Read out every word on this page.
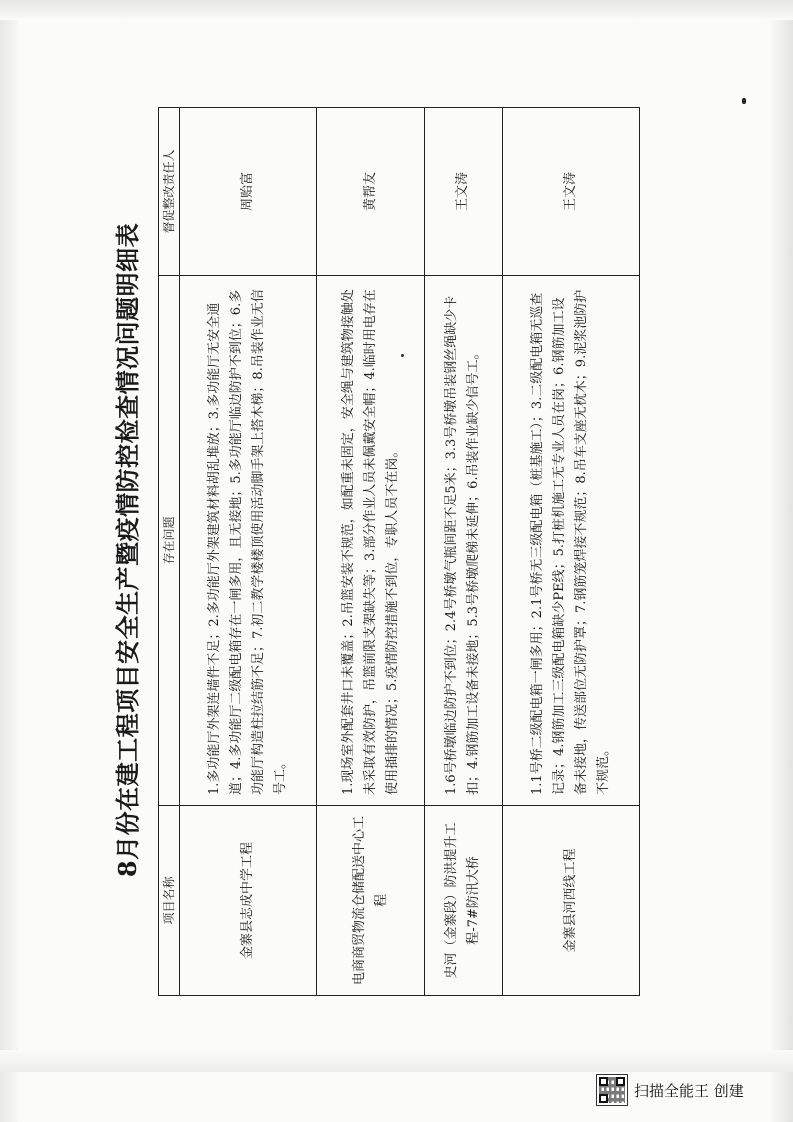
8月份在建工程项目安全生产暨疫情防控检查情况问题明细表
项目名称	存在问题	督促整改责任人
金寨县志成中学工程	1.多功能厅外架连墙件不足；2.多功能厅外架建筑材料胡乱堆放；3.多功能厅无安全通道；4.多功能厅二级配电箱存在一闸多用，且无接地；5.多功能厅临边防护不到位；6.多功能厅构造柱拉结筋不足；7.初二教学楼楼顶使用活动脚手架上搭木梯；8.吊装作业无信号工。	周贻富
电商商贸物流仓储配送中心工程	1.现场室外配套井口未覆盖；2.吊篮安装不规范，如配重未固定，安全绳与建筑物接触处未采取有效防护，吊篮前限支架缺失等；3.部分作业人员未佩戴安全帽；4.临时用电存在使用插排的情况；5.疫情防控措施不到位，专职人员不在岗。	黄帮友
史河（金寨段）防洪提升工程-7#防汛大桥	1.6号桥墩临边防护不到位；2.4号桥墩气瓶间距不足5米；3.3号桥墩吊装钢丝绳缺少卡扣；4.钢筋加工设备未接地；5.3号桥墩爬梯未延伸；6.吊装作业缺少信号工。	王文涛
金寨县河西线工程	1.1号桥二级配电箱一闸多用；2.1号桥无三级配电箱（桩基施工）；3.二级配电箱无巡查记录；4.钢筋加工三级配电箱缺少PE线；5.打桩机施工无专业人员在岗；6.钢筋加工设备未接地，传送部位无防护罩；7.钢筋笼焊接不规范；8.吊车支座无枕木；9.泥浆池防护不规范。	王文涛
扫描全能王 创建
